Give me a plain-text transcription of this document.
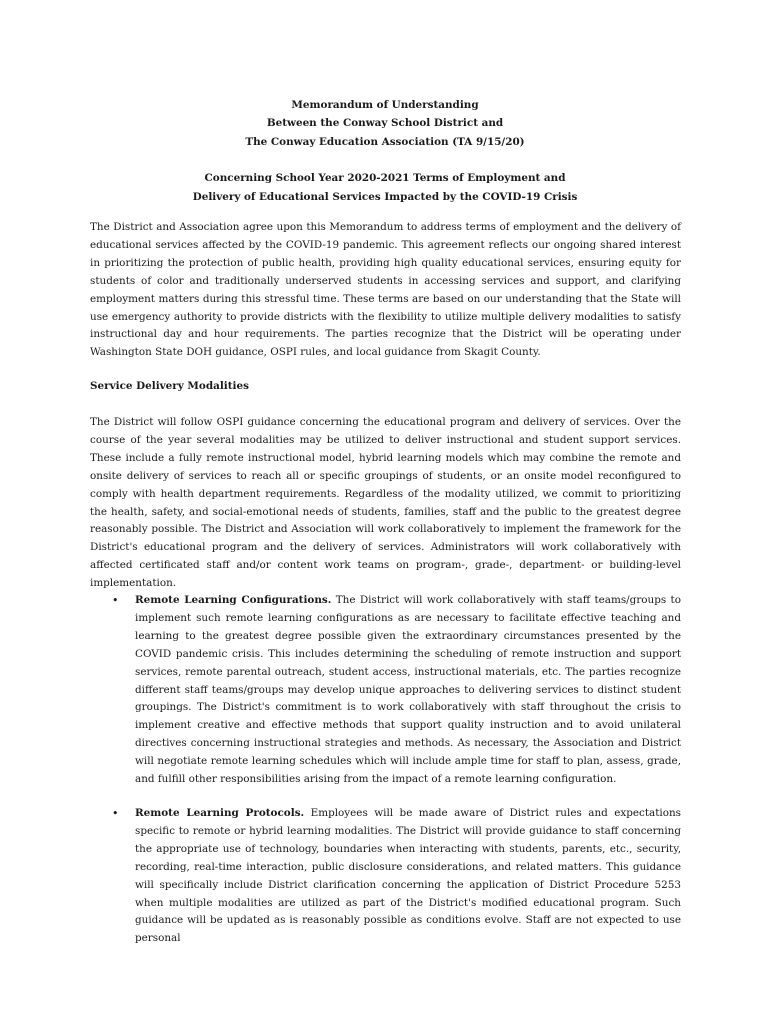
Memorandum of Understanding
Between the Conway School District and
The Conway Education Association (TA 9/15/20)
Concerning School Year 2020-2021 Terms of Employment and
Delivery of Educational Services Impacted by the COVID-19 Crisis
The District and Association agree upon this Memorandum to address terms of employment and the delivery of educational services affected by the COVID-19 pandemic. This agreement reflects our ongoing shared interest in prioritizing the protection of public health, providing high quality educational services, ensuring equity for students of color and traditionally underserved students in accessing services and support, and clarifying employment matters during this stressful time. These terms are based on our understanding that the State will use emergency authority to provide districts with the flexibility to utilize multiple delivery modalities to satisfy instructional day and hour requirements. The parties recognize that the District will be operating under Washington State DOH guidance, OSPI rules, and local guidance from Skagit County.
Service Delivery Modalities
The District will follow OSPI guidance concerning the educational program and delivery of services. Over the course of the year several modalities may be utilized to deliver instructional and student support services. These include a fully remote instructional model, hybrid learning models which may combine the remote and onsite delivery of services to reach all or specific groupings of students, or an onsite model reconfigured to comply with health department requirements. Regardless of the modality utilized, we commit to prioritizing the health, safety, and social-emotional needs of students, families, staff and the public to the greatest degree reasonably possible. The District and Association will work collaboratively to implement the framework for the District's educational program and the delivery of services. Administrators will work collaboratively with affected certificated staff and/or content work teams on program-, grade-, department- or building-level implementation.
• Remote Learning Configurations. The District will work collaboratively with staff teams/groups to implement such remote learning configurations as are necessary to facilitate effective teaching and learning to the greatest degree possible given the extraordinary circumstances presented by the COVID pandemic crisis. This includes determining the scheduling of remote instruction and support services, remote parental outreach, student access, instructional materials, etc. The parties recognize different staff teams/groups may develop unique approaches to delivering services to distinct student groupings. The District's commitment is to work collaboratively with staff throughout the crisis to implement creative and effective methods that support quality instruction and to avoid unilateral directives concerning instructional strategies and methods. As necessary, the Association and District will negotiate remote learning schedules which will include ample time for staff to plan, assess, grade, and fulfill other responsibilities arising from the impact of a remote learning configuration.
• Remote Learning Protocols. Employees will be made aware of District rules and expectations specific to remote or hybrid learning modalities. The District will provide guidance to staff concerning the appropriate use of technology, boundaries when interacting with students, parents, etc., security, recording, real-time interaction, public disclosure considerations, and related matters. This guidance will specifically include District clarification concerning the application of District Procedure 5253 when multiple modalities are utilized as part of the District's modified educational program. Such guidance will be updated as is reasonably possible as conditions evolve. Staff are not expected to use personal
